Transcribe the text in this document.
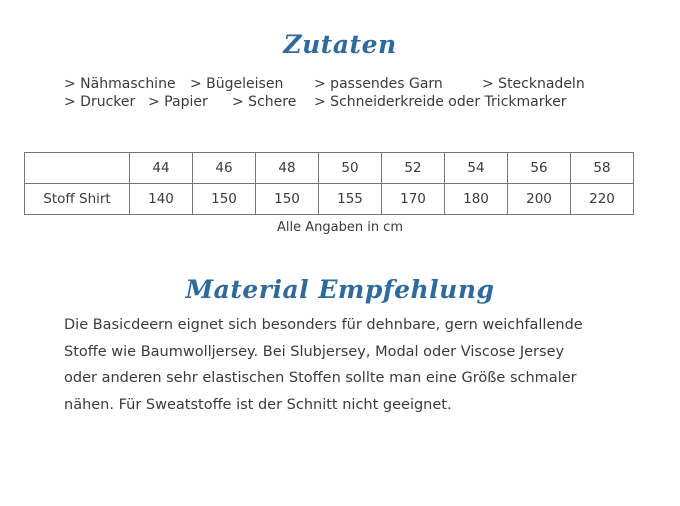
Zutaten
> Nähmaschine > Bügeleisen > passendes Garn	> Stecknadeln
> Drucker > Papier > Schere > Schneiderkreide oder Trickmarker
	44	46	48	50	52	54	56	58
Stoff Shirt	140	150	150	155	170	180	200	220
Alle Angaben in cm
Material Empfehlung
Die Basicdeern eignet sich besonders für dehnbare, gern weichfallende
Stoffe wie Baumwolljersey. Bei Slubjersey, Modal oder Viscose Jersey
oder anderen sehr elastischen Stoffen sollte man eine Größe schmaler
nähen. Für Sweatstoffe ist der Schnitt nicht geeignet.
